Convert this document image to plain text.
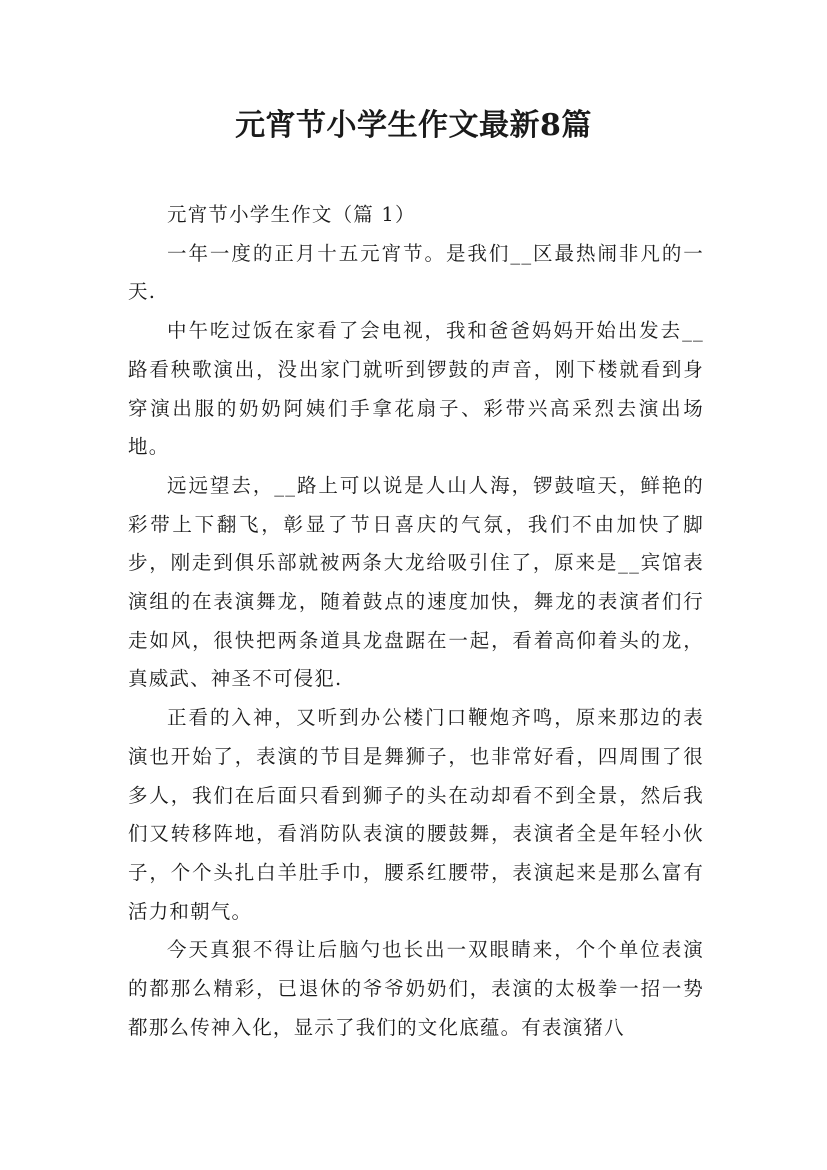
元宵节小学生作文最新8篇

元宵节小学生作文（篇 1）

一年一度的正月十五元宵节。是我们__区最热闹非凡的一天.

中午吃过饭在家看了会电视，我和爸爸妈妈开始出发去__路看秧歌演出，没出家门就听到锣鼓的声音，刚下楼就看到身穿演出服的奶奶阿姨们手拿花扇子、彩带兴高采烈去演出场地。

远远望去，__路上可以说是人山人海，锣鼓喧天，鲜艳的彩带上下翻飞，彰显了节日喜庆的气氛，我们不由加快了脚步，刚走到俱乐部就被两条大龙给吸引住了，原来是__宾馆表演组的在表演舞龙，随着鼓点的速度加快，舞龙的表演者们行走如风，很快把两条道具龙盘踞在一起，看着高仰着头的龙，真威武、神圣不可侵犯.

正看的入神，又听到办公楼门口鞭炮齐鸣，原来那边的表演也开始了，表演的节目是舞狮子，也非常好看，四周围了很多人，我们在后面只看到狮子的头在动却看不到全景，然后我们又转移阵地，看消防队表演的腰鼓舞，表演者全是年轻小伙子，个个头扎白羊肚手巾，腰系红腰带，表演起来是那么富有活力和朝气。

今天真狠不得让后脑勺也长出一双眼睛来，个个单位表演的都那么精彩，已退休的爷爷奶奶们，表演的太极拳一招一势都那么传神入化，显示了我们的文化底蕴。有表演猪八
